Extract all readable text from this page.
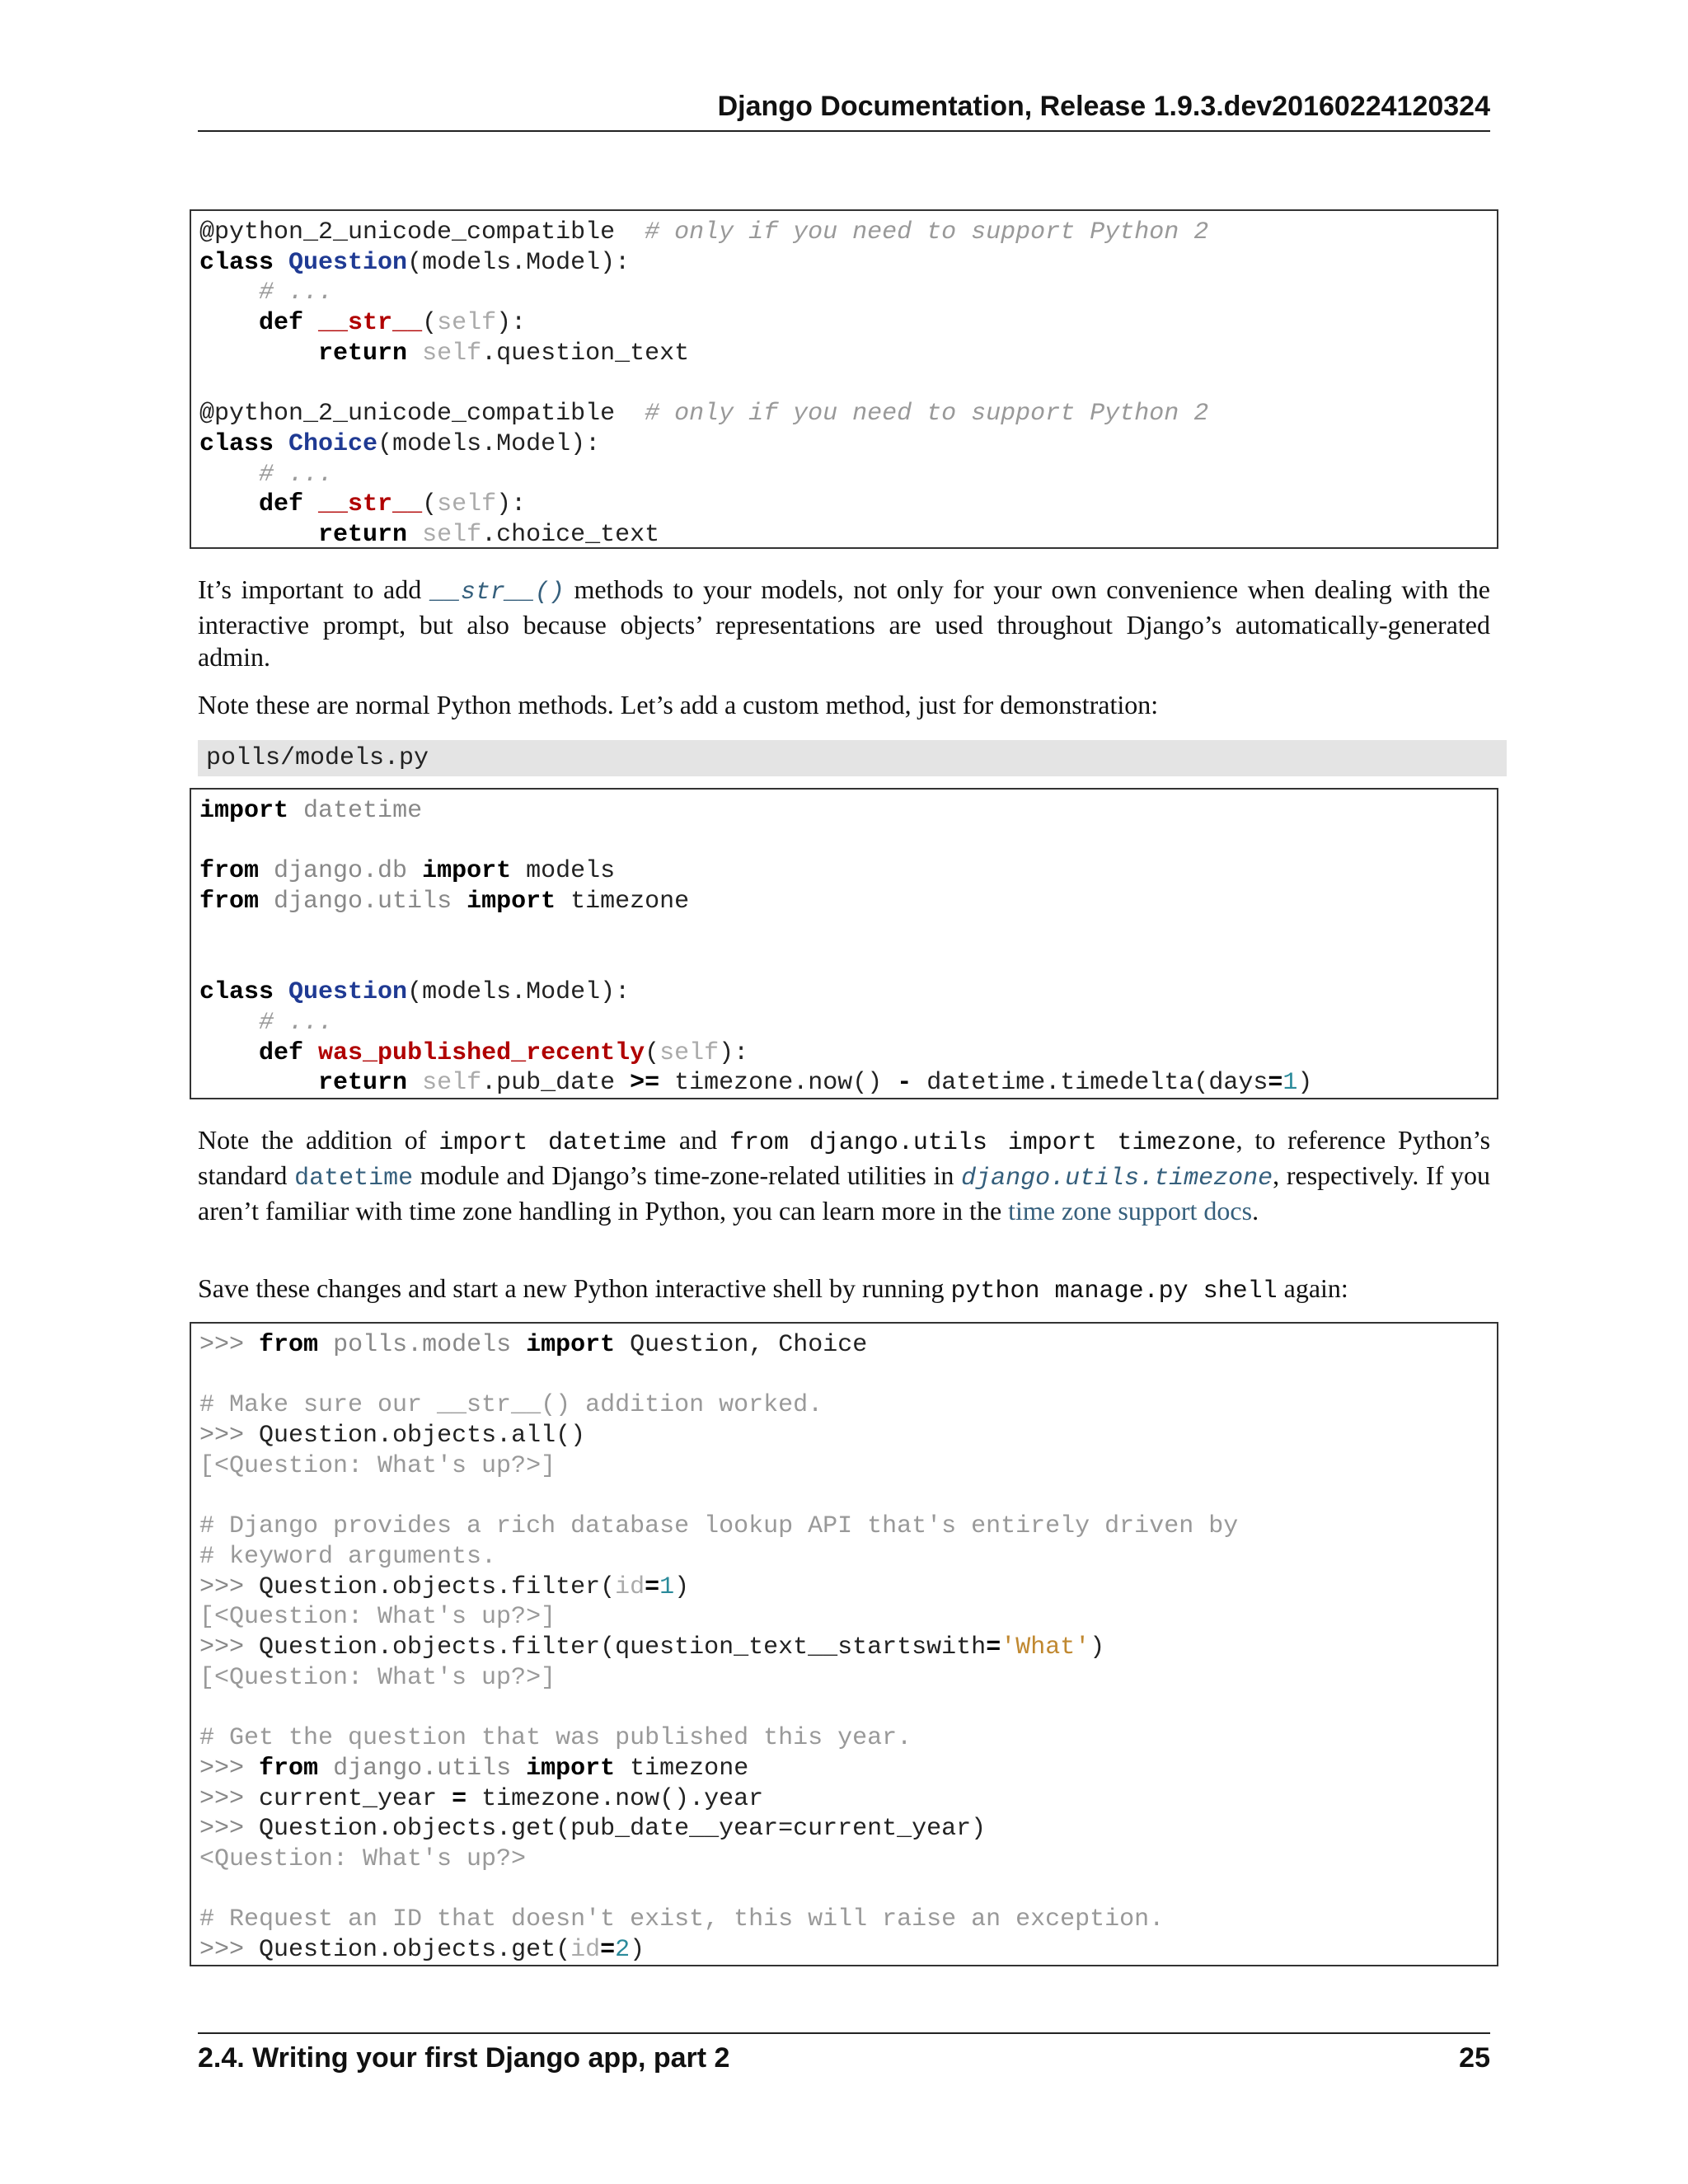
Django Documentation, Release 1.9.3.dev20160224120324
@python_2_unicode_compatible # only if you need to support Python 2
class Question(models.Model):
# ...
def __str__(self):
return self.question_text

@python_2_unicode_compatible # only if you need to support Python 2
class Choice(models.Model):
# ...
def __str__(self):
return self.choice_text

It’s important to add __str__() methods to your models, not only for your own convenience when dealing with the interactive prompt, but also because objects’ representations are used throughout Django’s automatically-generated admin.

Note these are normal Python methods. Let’s add a custom method, just for demonstration:

polls/models.py
import datetime

from django.db import models
from django.utils import timezone

class Question(models.Model):
# ...
def was_published_recently(self):
return self.pub_date >= timezone.now() - datetime.timedelta(days=1)

Note the addition of import datetime and from django.utils import timezone, to reference Python’s standard datetime module and Django’s time-zone-related utilities in django.utils.timezone, respectively. If you aren’t familiar with time zone handling in Python, you can learn more in the time zone support docs.

Save these changes and start a new Python interactive shell by running python manage.py shell again:

>>> from polls.models import Question, Choice

# Make sure our __str__() addition worked.
>>> Question.objects.all()
[<Question: What's up?>]

# Django provides a rich database lookup API that's entirely driven by
# keyword arguments.
>>> Question.objects.filter(id=1)
[<Question: What's up?>]
>>> Question.objects.filter(question_text__startswith='What')
[<Question: What's up?>]

# Get the question that was published this year.
>>> from django.utils import timezone
>>> current_year = timezone.now().year
>>> Question.objects.get(pub_date__year=current_year)
<Question: What's up?>

# Request an ID that doesn't exist, this will raise an exception.
>>> Question.objects.get(id=2)
2.4. Writing your first Django app, part 2	25
